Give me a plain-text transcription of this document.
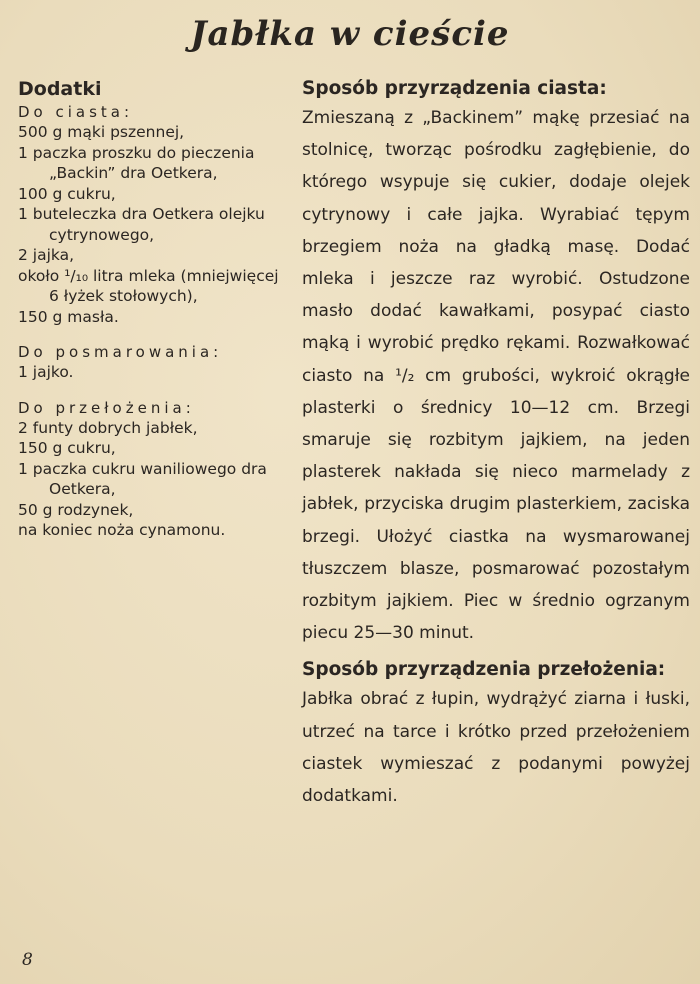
Jabłka w cieście
Dodatki
Do ciasta:
500 g mąki pszennej,
1 paczka proszku do pieczenia „Backin” dra Oetkera,
100 g cukru,
1 buteleczka dra Oetkera olejku cytrynowego,
2 jajka,
około ¹/₁₀ litra mleka (mniejwięcej 6 łyżek stołowych),
150 g masła.
Do posmarowania:
1 jajko.
Do przełożenia:
2 funty dobrych jabłek,
150 g cukru,
1 paczka cukru waniliowego dra Oetkera,
50 g rodzynek,
na koniec noża cynamonu.
Sposób przyrządzenia ciasta:

Zmieszaną z „Backinem” mąkę przesiać na stolnicę, tworząc pośrodku zagłębienie, do którego wsypuje się cukier, dodaje olejek cytrynowy i całe jajka. Wyrabiać tępym brzegiem noża na gładką masę. Dodać mleka i jeszcze raz wyrobić. Ostudzone masło dodać kawałkami, posypać ciasto mąką i wyrobić prędko rękami. Rozwałkować ciasto na ¹/₂ cm grubości, wykroić okrągłe plasterki o średnicy 10—12 cm. Brzegi smaruje się rozbitym jajkiem, na jeden plasterek nakłada się nieco marmelady z jabłek, przyciska drugim plasterkiem, zaciska brzegi. Ułożyć ciastka na wysmarowanej tłuszczem blasze, posmarować pozostałym rozbitym jajkiem. Piec w średnio ogrzanym piecu 25—30 minut.

Sposób przyrządzenia przełożenia:

Jabłka obrać z łupin, wydrążyć ziarna i łuski, utrzeć na tarce i krótko przed przełożeniem ciastek wymieszać z podanymi powyżej dodatkami.

8
